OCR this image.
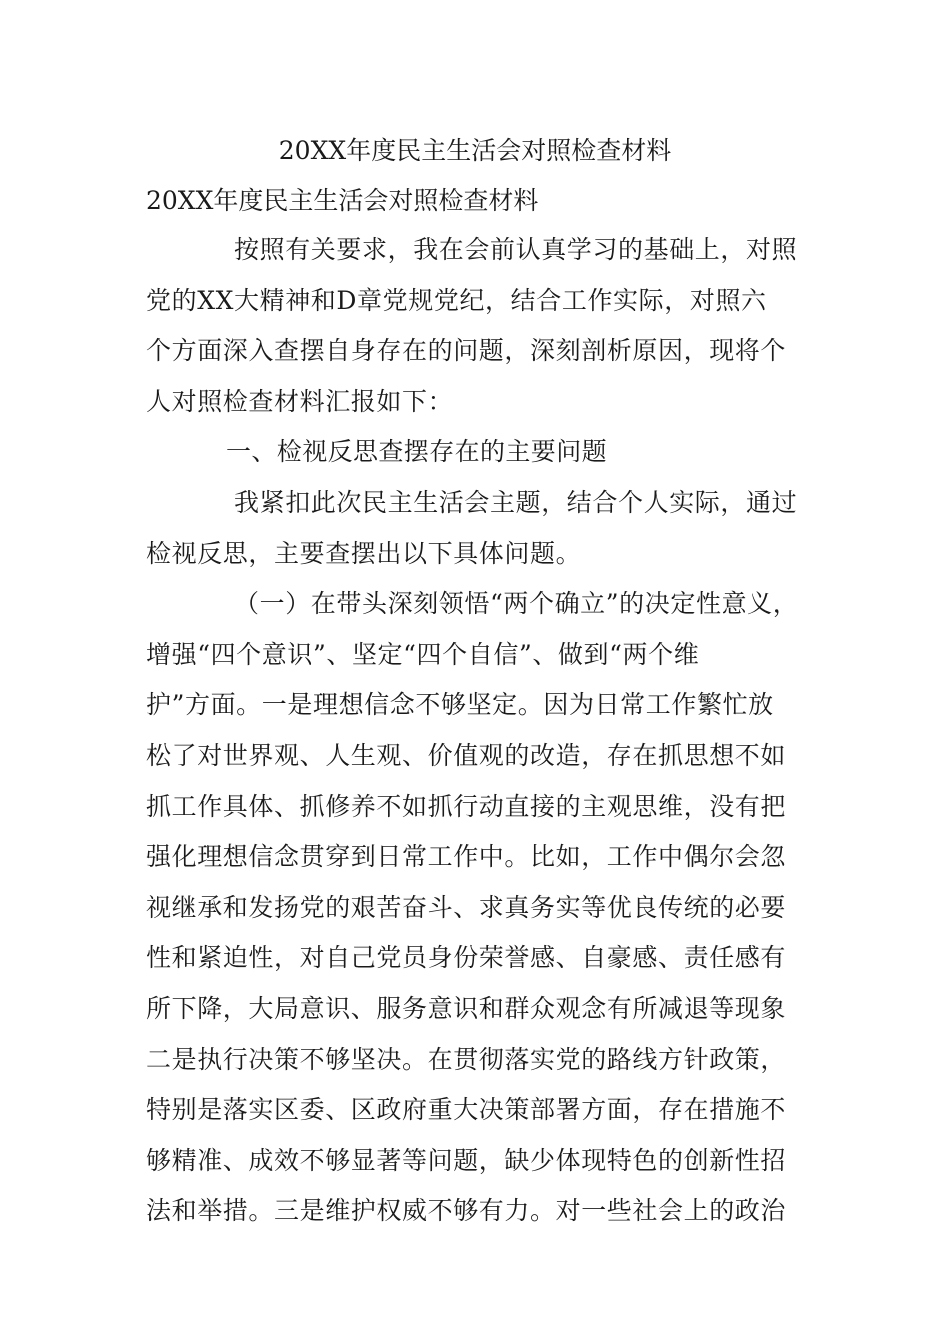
20XX年度民主生活会对照检查材料
20XX年度民主生活会对照检查材料
按照有关要求，我在会前认真学习的基础上，对照
党的XX大精神和D章党规党纪，结合工作实际，对照六
个方面深入查摆自身存在的问题，深刻剖析原因，现将个
人对照检查材料汇报如下：
一、检视反思查摆存在的主要问题
我紧扣此次民主生活会主题，结合个人实际，通过
检视反思，主要查摆出以下具体问题。
（一）在带头深刻领悟“两个确立”的决定性意义，
增强“四个意识”、坚定“四个自信”、做到“两个维
护”方面。一是理想信念不够坚定。因为日常工作繁忙放
松了对世界观、人生观、价值观的改造，存在抓思想不如
抓工作具体、抓修养不如抓行动直接的主观思维，没有把
强化理想信念贯穿到日常工作中。比如，工作中偶尔会忽
视继承和发扬党的艰苦奋斗、求真务实等优良传统的必要
性和紧迫性，对自己党员身份荣誉感、自豪感、责任感有
所下降，大局意识、服务意识和群众观念有所减退等现象
二是执行决策不够坚决。在贯彻落实党的路线方针政策，
特别是落实区委、区政府重大决策部署方面，存在措施不
够精准、成效不够显著等问题，缺少体现特色的创新性招
法和举措。三是维护权威不够有力。对一些社会上的政治
